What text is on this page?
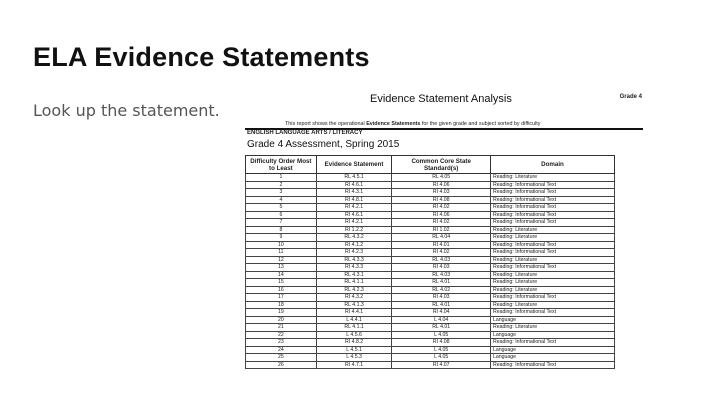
ELA Evidence Statements
Look up the statement.
Evidence Statement Analysis	Grade 4
This report shows the operational Evidence Statements for the given grade and subject sorted by difficulty
ENGLISH LANGUAGE ARTS / LITERACY
Grade 4 Assessment, Spring 2015
Difficulty Order Most to Least	Evidence Statement	Common Core State Standard(s)	Domain
1	RL 4.5.1	RL 4.05	Reading: Literature
2	RI 4.6.1	RI 4.06	Reading: Informational Text
3	RI 4.3.1	RI 4.03	Reading: Informational Text
4	RI 4.8.1	RI 4.08	Reading: Informational Text
5	RI 4.2.1	RI 4.02	Reading: Informational Text
6	RI 4.6.1	RI 4.06	Reading: Informational Text
7	RI 4.2.1	RI 4.02	Reading: Informational Text
8	RI 1.2.2	RI 1.02	Reading: Literature
9	RL 4.3.2	RL 4.04	Reading: Literature
10	RI 4.1.2	RI 4.01	Reading: Informational Text
11	RI 4.2.3	RI 4.02	Reading: Informational Text
12	RL 4.3.3	RL 4.03	Reading: Literature
13	RI 4.3.3	RI 4.03	Reading: Informational Text
14	RL 4.3.1	RL 4.03	Reading: Literature
15	RL 4.1.1	RL 4.01	Reading: Literature
16	RL 4.2.3	RL 4.02	Reading: Literature
17	RI 4.3.2	RI 4.03	Reading: Informational Text
18	RL 4.1.3	RL 4.01	Reading: Literature
19	RI 4.4.1	RI 4.04	Reading: Informational Text
20	L 4.4.1	L 4.04	Language
21	RL 4.1.1	RL 4.01	Reading: Literature
22	L 4.5.6	L 4.05	Language
23	RI 4.8.2	RI 4.08	Reading: Informational Text
24	L 4.5.1	L 4.05	Language
25	L 4.5.3	L 4.05	Language
26	RI 4.7.1	RI 4.07	Reading: Informational Text
